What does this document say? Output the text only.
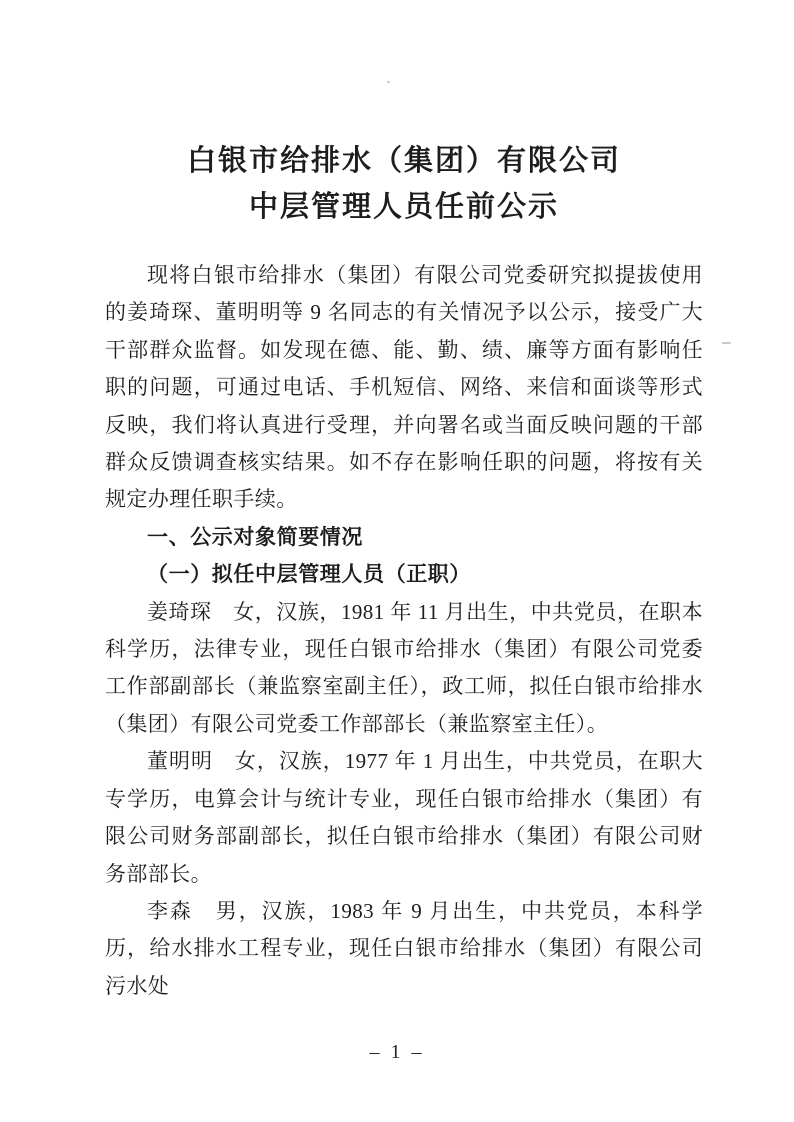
白银市给排水（集团）有限公司
中层管理人员任前公示

现将白银市给排水（集团）有限公司党委研究拟提拔使用的姜琦琛、董明明等 9 名同志的有关情况予以公示，接受广大干部群众监督。如发现在德、能、勤、绩、廉等方面有影响任职的问题，可通过电话、手机短信、网络、来信和面谈等形式反映，我们将认真进行受理，并向署名或当面反映问题的干部群众反馈调查核实结果。如不存在影响任职的问题，将按有关规定办理任职手续。

一、公示对象简要情况

（一）拟任中层管理人员（正职）

姜琦琛　女，汉族，1981 年 11 月出生，中共党员，在职本科学历，法律专业，现任白银市给排水（集团）有限公司党委工作部副部长（兼监察室副主任），政工师，拟任白银市给排水（集团）有限公司党委工作部部长（兼监察室主任）。

董明明　女，汉族，1977 年 1 月出生，中共党员，在职大专学历，电算会计与统计专业，现任白银市给排水（集团）有限公司财务部副部长，拟任白银市给排水（集团）有限公司财务部部长。

李森　男，汉族，1983 年 9 月出生，中共党员，本科学历，给水排水工程专业，现任白银市给排水（集团）有限公司污水处

– 1 –
